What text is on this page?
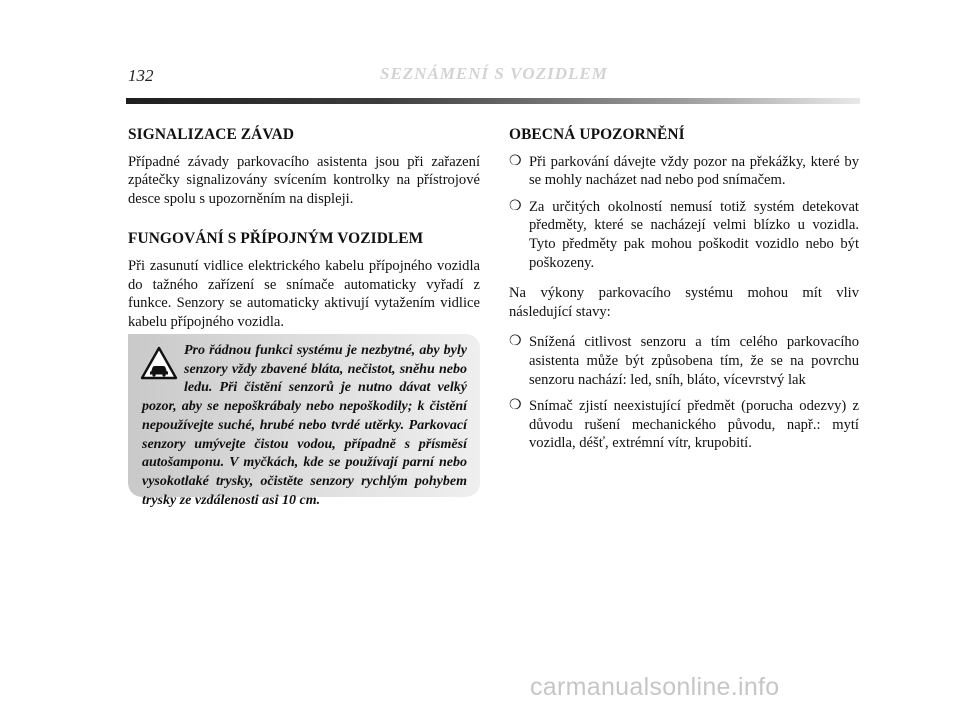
132	SEZNÁMENÍ S VOZIDLEM
SIGNALIZACE ZÁVAD

Případné závady parkovacího asistenta jsou při zařazení zpátečky signalizovány svícením kontrolky na přístrojové desce spolu s upozorněním na displeji.

FUNGOVÁNÍ S PŘÍPOJNÝM VOZIDLEM

Při zasunutí vidlice elektrického kabelu přípojného vozidla do tažného zařízení se snímače automaticky vyřadí z funkce. Senzory se automaticky aktivují vytažením vidlice kabelu přípojného vozidla.

Pro řádnou funkci systému je nezbytné, aby byly senzory vždy zbavené bláta, nečistot, sněhu nebo ledu. Při čistění senzorů je nutno dávat velký pozor, aby se nepoškrábaly nebo nepoškodily; k čistění nepoužívejte suché, hrubé nebo tvrdé utěrky. Parkovací senzory umývejte čistou vodou, případně s přísměsí autošamponu. V myčkách, kde se používají parní nebo vysokotlaké trysky, očistěte senzory rychlým pohybem trysky ze vzdálenosti asi 10 cm.
OBECNÁ UPOZORNĚNÍ
❍ Při parkování dávejte vždy pozor na překážky, které by se mohly nacházet nad nebo pod snímačem.
❍ Za určitých okolností nemusí totiž systém detekovat předměty, které se nacházejí velmi blízko u vozidla. Tyto předměty pak mohou poškodit vozidlo nebo být poškozeny.

Na výkony parkovacího systému mohou mít vliv následující stavy:

❍ Snížená citlivost senzoru a tím celého parkovacího asistenta může být způsobena tím, že se na povrchu senzoru nachází: led, sníh, bláto, vícevrstvý lak
❍ Snímač zjistí neexistující předmět (porucha odezvy) z důvodu rušení mechanického původu, např.: mytí vozidla, déšť, extrémní vítr, krupobití.
carmanualsonline.info
